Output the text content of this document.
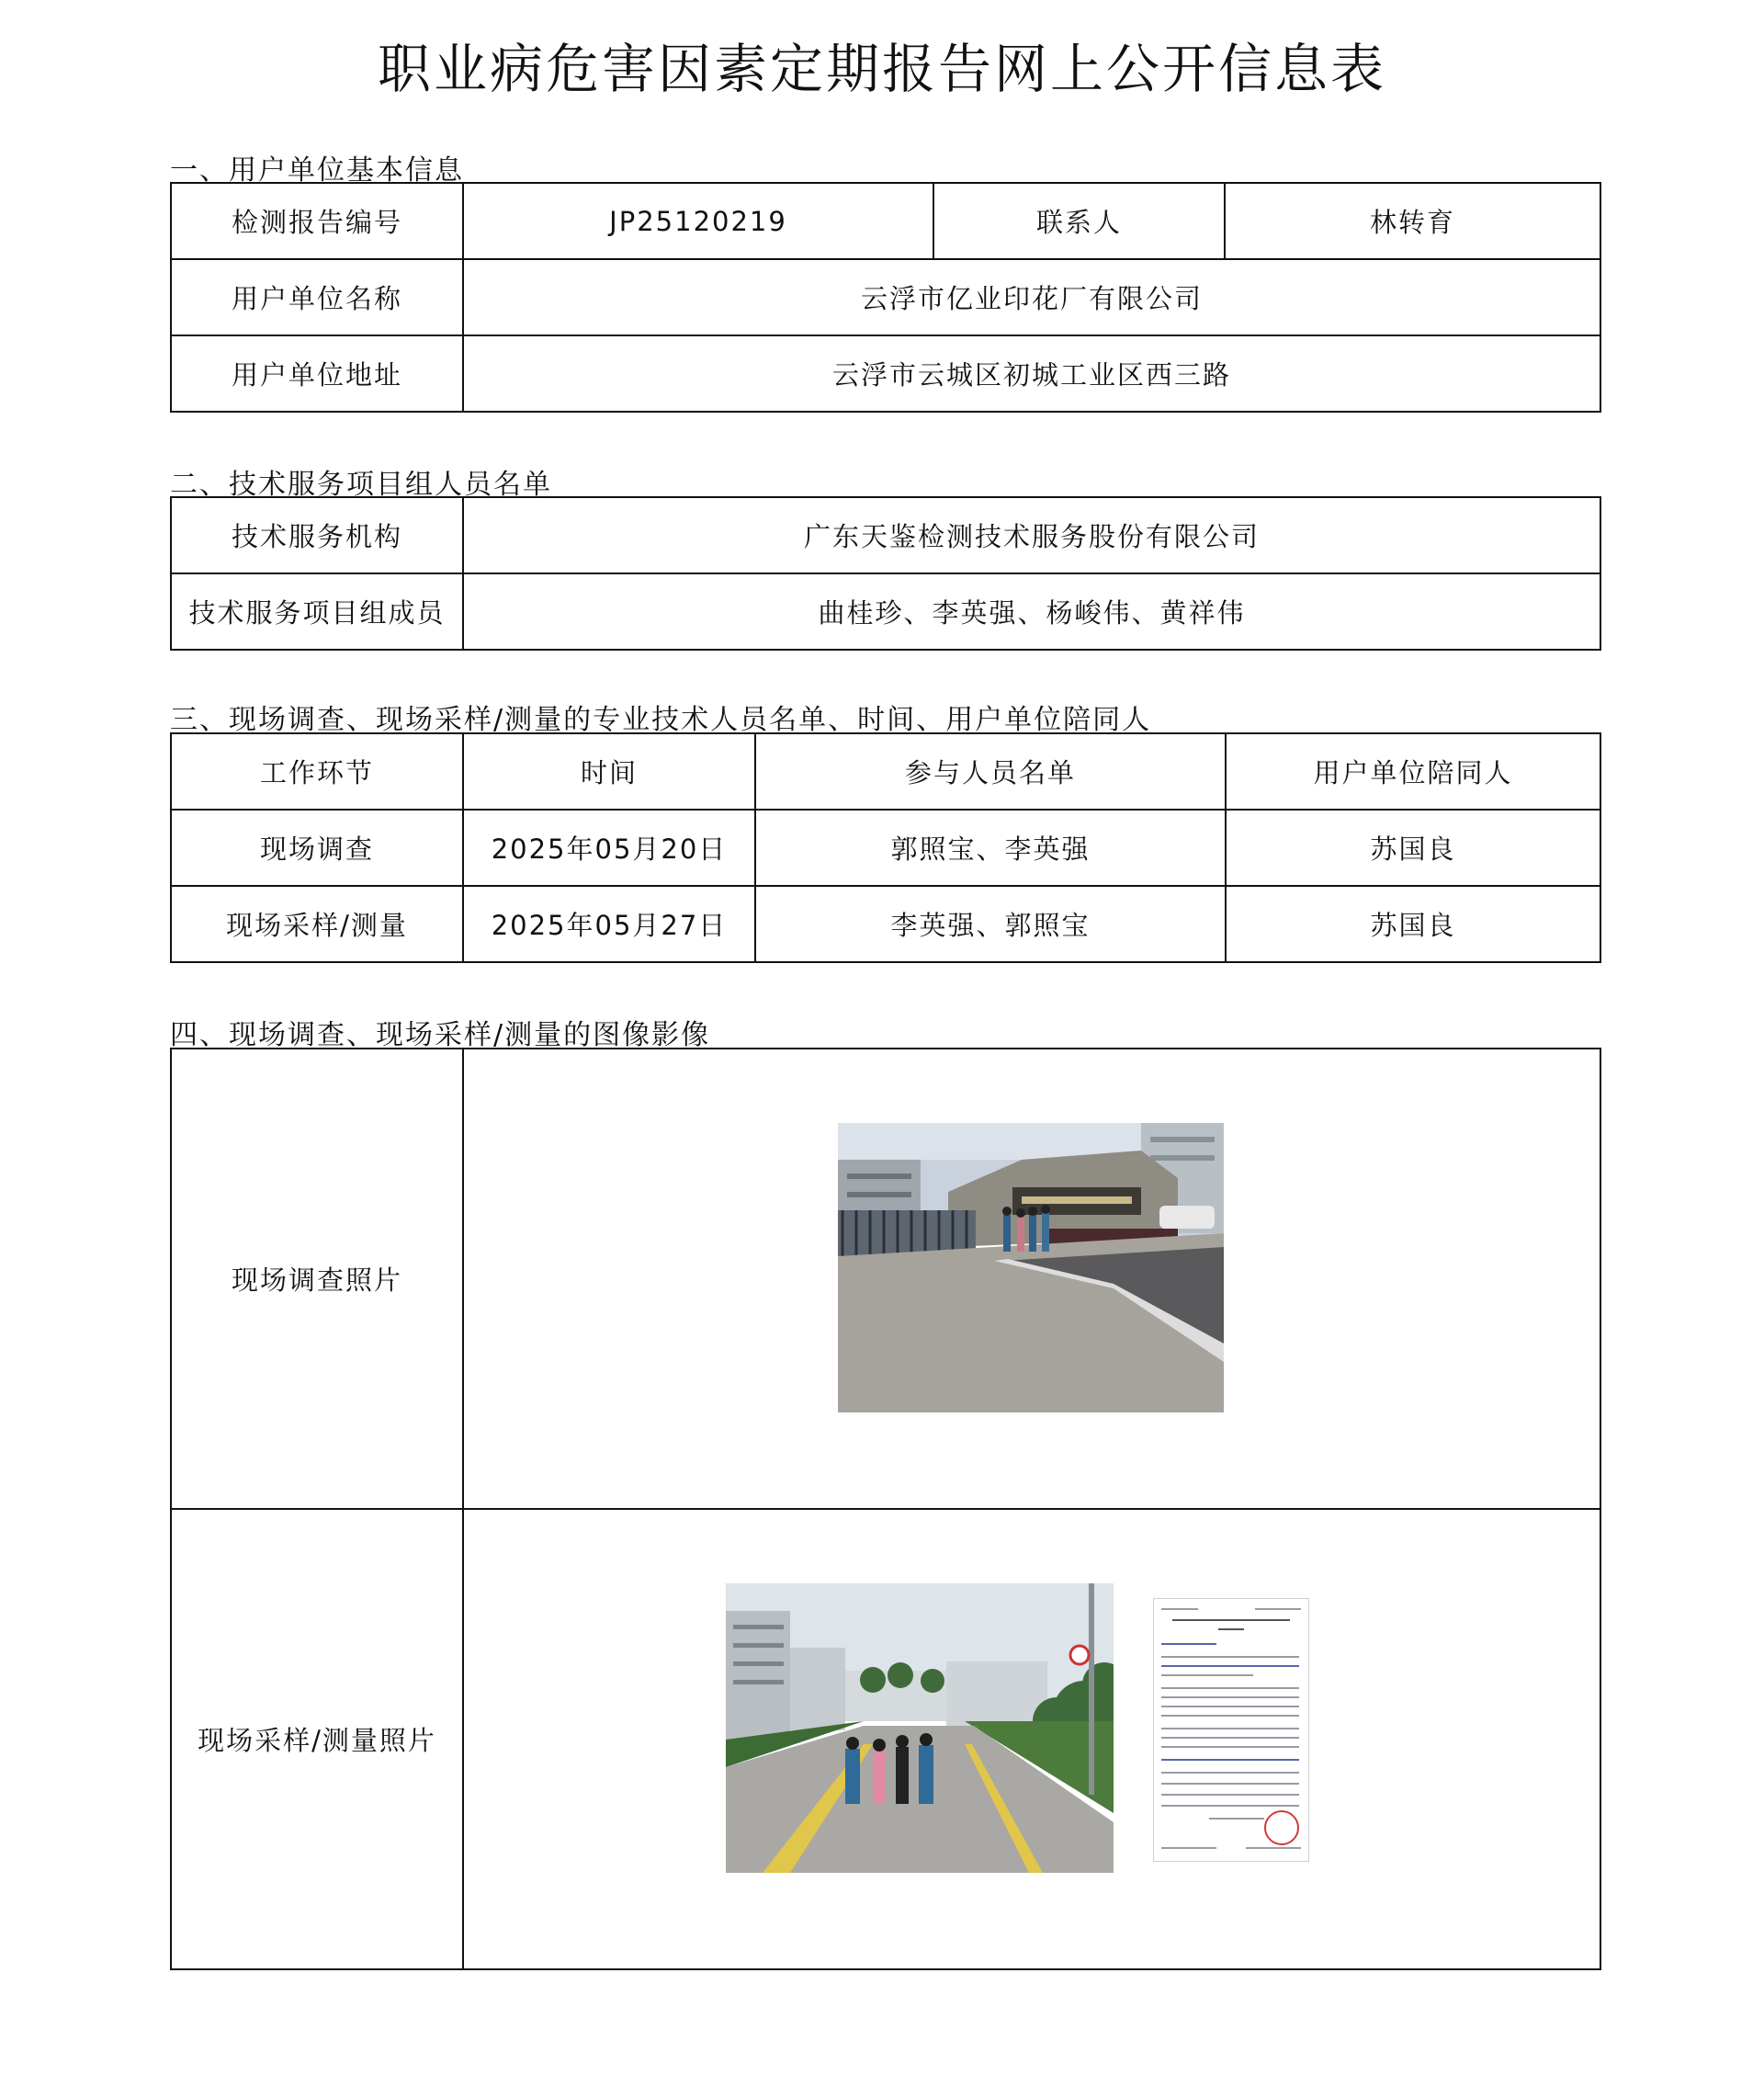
职业病危害因素定期报告网上公开信息表
一、用户单位基本信息
检测报告编号	JP25120219	联系人	林转育
用户单位名称	云浮市亿业印花厂有限公司		
用户单位地址	云浮市云城区初城工业区西三路		
二、技术服务项目组人员名单
技术服务机构	广东天鉴检测技术服务股份有限公司
技术服务项目组成员	曲桂珍、李英强、杨峻伟、黄祥伟
三、现场调查、现场采样/测量的专业技术人员名单、时间、用户单位陪同人
工作环节	时间	参与人员名单	用户单位陪同人
现场调查	2025年05月20日	郭照宝、李英强	苏国良
现场采样/测量	2025年05月27日	李英强、郭照宝	苏国良
四、现场调查、现场采样/测量的图像影像
现场调查照片	

现场采样/测量照片	
